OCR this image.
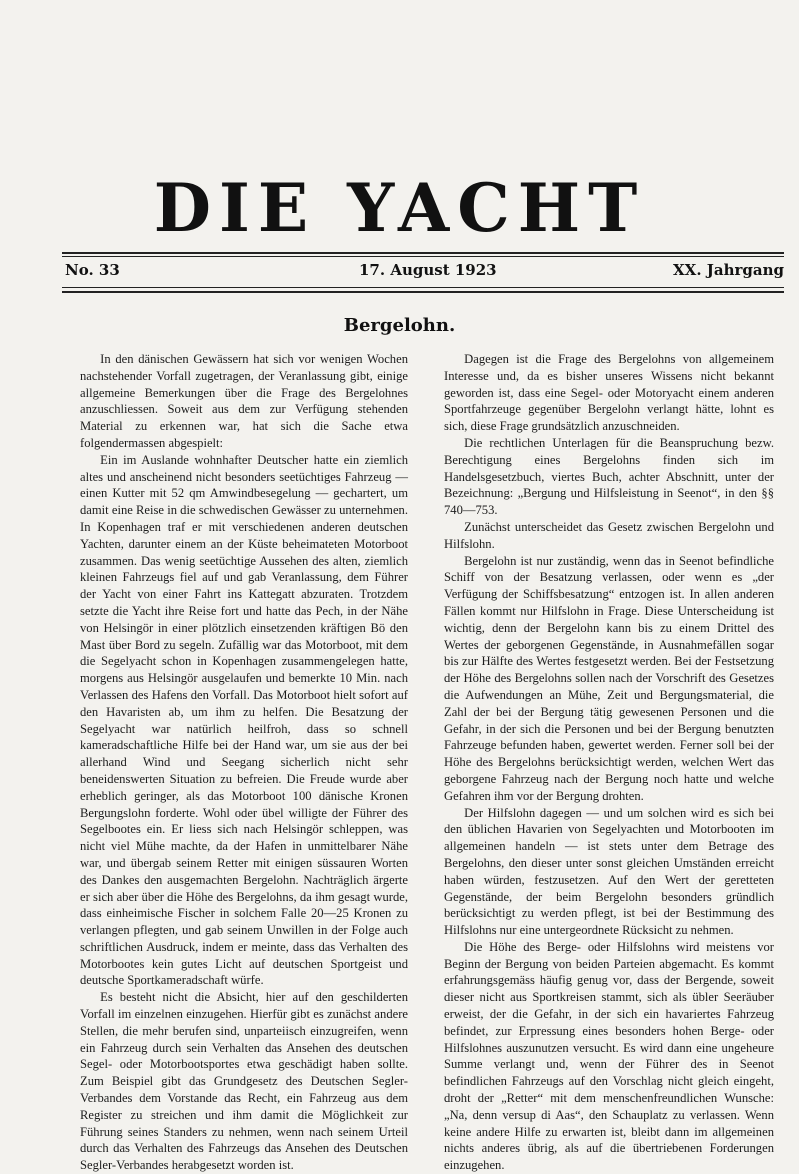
DIE YACHT
No. 33	17. August 1923	XX. Jahrgang
Bergelohn.

In den dänischen Gewässern hat sich vor wenigen Wochen nachstehender Vorfall zugetragen, der Veranlassung gibt, einige allgemeine Bemerkungen über die Frage des Bergelohnes anzuschliessen. Soweit aus dem zur Verfügung stehenden Material zu erkennen war, hat sich die Sache etwa folgendermassen abgespielt:

Ein im Auslande wohnhafter Deutscher hatte ein ziemlich altes und anscheinend nicht besonders seetüchtiges Fahrzeug — einen Kutter mit 52 qm Amwindbesegelung — gechartert, um damit eine Reise in die schwedischen Gewässer zu unternehmen. In Kopenhagen traf er mit verschiedenen anderen deutschen Yachten, darunter einem an der Küste beheimateten Motorboot zusammen. Das wenig seetüchtige Aussehen des alten, ziemlich kleinen Fahrzeugs fiel auf und gab Veranlassung, dem Führer der Yacht von einer Fahrt ins Kattegatt abzuraten. Trotzdem setzte die Yacht ihre Reise fort und hatte das Pech, in der Nähe von Helsingör in einer plötzlich einsetzenden kräftigen Bö den Mast über Bord zu segeln. Zufällig war das Motorboot, mit dem die Segelyacht schon in Kopenhagen zusammengelegen hatte, morgens aus Helsingör ausgelaufen und bemerkte 10 Min. nach Verlassen des Hafens den Vorfall. Das Motorboot hielt sofort auf den Havaristen ab, um ihm zu helfen. Die Besatzung der Segelyacht war natürlich heilfroh, dass so schnell kameradschaftliche Hilfe bei der Hand war, um sie aus der bei allerhand Wind und Seegang sicherlich nicht sehr beneidenswerten Situation zu befreien. Die Freude wurde aber erheblich geringer, als das Motorboot 100 dänische Kronen Bergungslohn forderte. Wohl oder übel willigte der Führer des Segelbootes ein. Er liess sich nach Helsingör schleppen, was nicht viel Mühe machte, da der Hafen in unmittelbarer Nähe war, und übergab seinem Retter mit einigen süssauren Worten des Dankes den ausgemachten Bergelohn. Nachträglich ärgerte er sich aber über die Höhe des Bergelohns, da ihm gesagt wurde, dass einheimische Fischer in solchem Falle 20—25 Kronen zu verlangen pflegten, und gab seinem Unwillen in der Folge auch schriftlichen Ausdruck, indem er meinte, dass das Verhalten des Motorbootes kein gutes Licht auf deutschen Sportgeist und deutsche Sportkameradschaft würfe.

Es besteht nicht die Absicht, hier auf den geschilderten Vorfall im einzelnen einzugehen. Hierfür gibt es zunächst andere Stellen, die mehr berufen sind, unparteiisch einzugreifen, wenn ein Fahrzeug durch sein Verhalten das Ansehen des deutschen Segel- oder Motorbootsportes etwa geschädigt haben sollte. Zum Beispiel gibt das Grundgesetz des Deutschen Segler-Verbandes dem Vorstande das Recht, ein Fahrzeug aus dem Register zu streichen und ihm damit die Möglichkeit zur Führung seines Standers zu nehmen, wenn nach seinem Urteil durch das Verhalten des Fahrzeugs das Ansehen des Deutschen Segler-Verbandes herabgesetzt worden ist.

Dagegen ist die Frage des Bergelohns von allgemeinem Interesse und, da es bisher unseres Wissens nicht bekannt geworden ist, dass eine Segel- oder Motoryacht einem anderen Sportfahrzeuge gegenüber Bergelohn verlangt hätte, lohnt es sich, diese Frage grundsätzlich anzuschneiden.

Die rechtlichen Unterlagen für die Beanspruchung bezw. Berechtigung eines Bergelohns finden sich im Handelsgesetzbuch, viertes Buch, achter Abschnitt, unter der Bezeichnung: „Bergung und Hilfsleistung in Seenot“, in den §§ 740—753.

Zunächst unterscheidet das Gesetz zwischen Bergelohn und Hilfslohn.

Bergelohn ist nur zuständig, wenn das in Seenot befindliche Schiff von der Besatzung verlassen, oder wenn es „der Verfügung der Schiffsbesatzung“ entzogen ist. In allen anderen Fällen kommt nur Hilfslohn in Frage. Diese Unterscheidung ist wichtig, denn der Bergelohn kann bis zu einem Drittel des Wertes der geborgenen Gegenstände, in Ausnahmefällen sogar bis zur Hälfte des Wertes festgesetzt werden. Bei der Festsetzung der Höhe des Bergelohns sollen nach der Vorschrift des Gesetzes die Aufwendungen an Mühe, Zeit und Bergungsmaterial, die Zahl der bei der Bergung tätig gewesenen Personen und die Gefahr, in der sich die Personen und bei der Bergung benutzten Fahrzeuge befunden haben, gewertet werden. Ferner soll bei der Höhe des Bergelohns berücksichtigt werden, welchen Wert das geborgene Fahrzeug nach der Bergung noch hatte und welche Gefahren ihm vor der Bergung drohten.

Der Hilfslohn dagegen — und um solchen wird es sich bei den üblichen Havarien von Segelyachten und Motorbooten im allgemeinen handeln — ist stets unter dem Betrage des Bergelohns, den dieser unter sonst gleichen Umständen erreicht haben würden, festzusetzen. Auf den Wert der geretteten Gegenstände, der beim Bergelohn besonders gründlich berücksichtigt zu werden pflegt, ist bei der Bestimmung des Hilfslohns nur eine untergeordnete Rücksicht zu nehmen.

Die Höhe des Berge- oder Hilfslohns wird meistens vor Beginn der Bergung von beiden Parteien abgemacht. Es kommt erfahrungsgemäss häufig genug vor, dass der Bergende, soweit dieser nicht aus Sportkreisen stammt, sich als übler Seeräuber erweist, der die Gefahr, in der sich ein havariertes Fahrzeug befindet, zur Erpressung eines besonders hohen Berge- oder Hilfslohnes auszunutzen versucht. Es wird dann eine ungeheure Summe verlangt und, wenn der Führer des in Seenot befindlichen Fahrzeugs auf den Vorschlag nicht gleich eingeht, droht der „Retter“ mit dem menschenfreundlichen Wunsche: „Na, denn versup di Aas“, den Schauplatz zu verlassen. Wenn keine andere Hilfe zu erwarten ist, bleibt dann im allgemeinen nichts anderes übrig, als auf die übertriebenen Forderungen einzugehen.
